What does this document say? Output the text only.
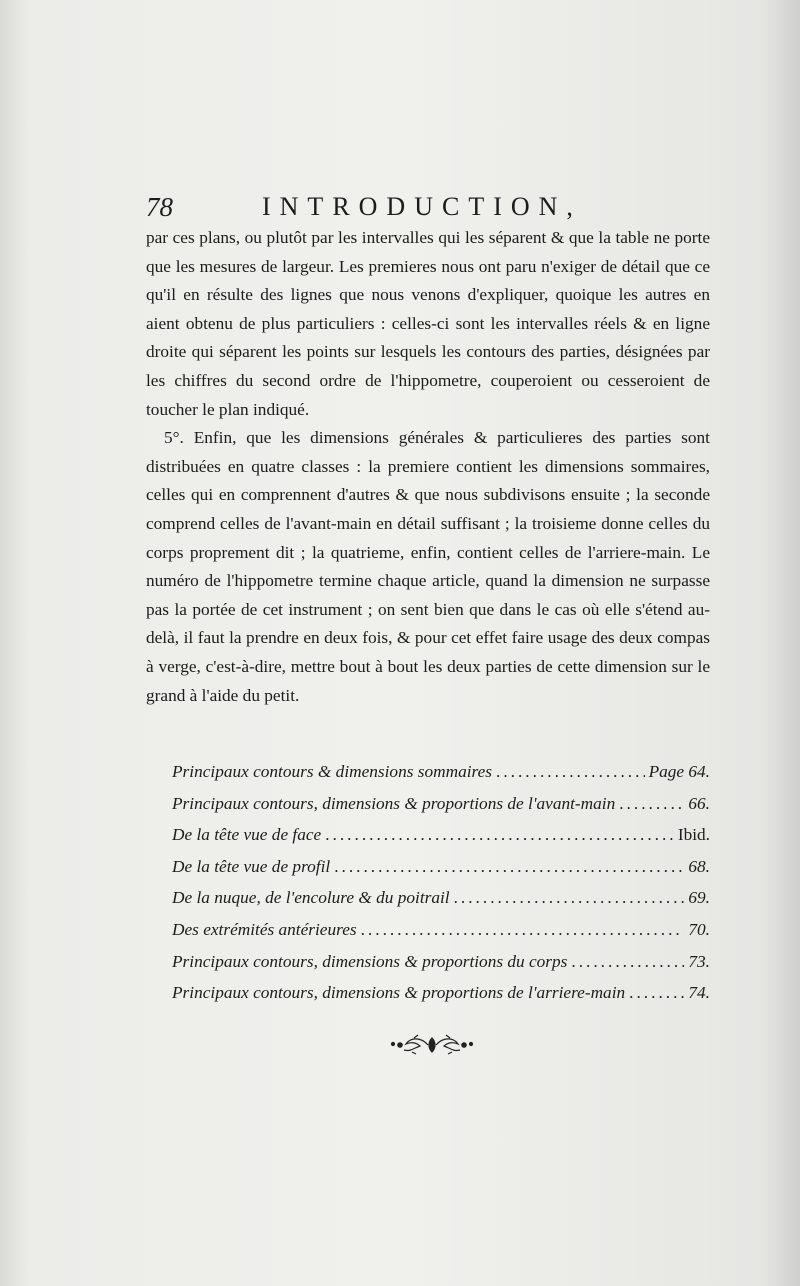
78	INTRODUCTION,

par ces plans, ou plutôt par les intervalles qui les séparent & que la table ne porte que les mesures de largeur. Les premieres nous ont paru n'exiger de détail que ce qu'il en résulte des lignes que nous venons d'expliquer, quoique les autres en aient obtenu de plus particuliers : celles-ci sont les intervalles réels & en ligne droite qui séparent les points sur lesquels les contours des parties, désignées par les chiffres du second ordre de l'hippometre, couperoient ou cesseroient de toucher le plan indiqué.

5°. Enfin, que les dimensions générales & particulieres des parties sont distribuées en quatre classes : la premiere contient les dimensions sommaires, celles qui en comprennent d'autres & que nous subdivisons ensuite ; la seconde comprend celles de l'avant-main en détail suffisant ; la troisieme donne celles du corps proprement dit ; la quatrieme, enfin, contient celles de l'arriere-main. Le numéro de l'hippometre termine chaque article, quand la dimension ne surpasse pas la portée de cet instrument ; on sent bien que dans le cas où elle s'étend au-delà, il faut la prendre en deux fois, & pour cet effet faire usage des deux compas à verge, c'est-à-dire, mettre bout à bout les deux parties de cette dimension sur le grand à l'aide du petit.

Principaux contours & dimensions sommaires .....	Page 64.
Principaux contours, dimensions & proportions de l'avant-main .....	66.
De la tête vue de face .....	Ibid.
De la tête vue de profil .....	68.
De la nuque, de l'encolure & du poitrail .....	69.
Des extrémités antérieures .....	70.
Principaux contours, dimensions & proportions du corps .....	73.
Principaux contours, dimensions & proportions de l'arriere-main .....	74.
